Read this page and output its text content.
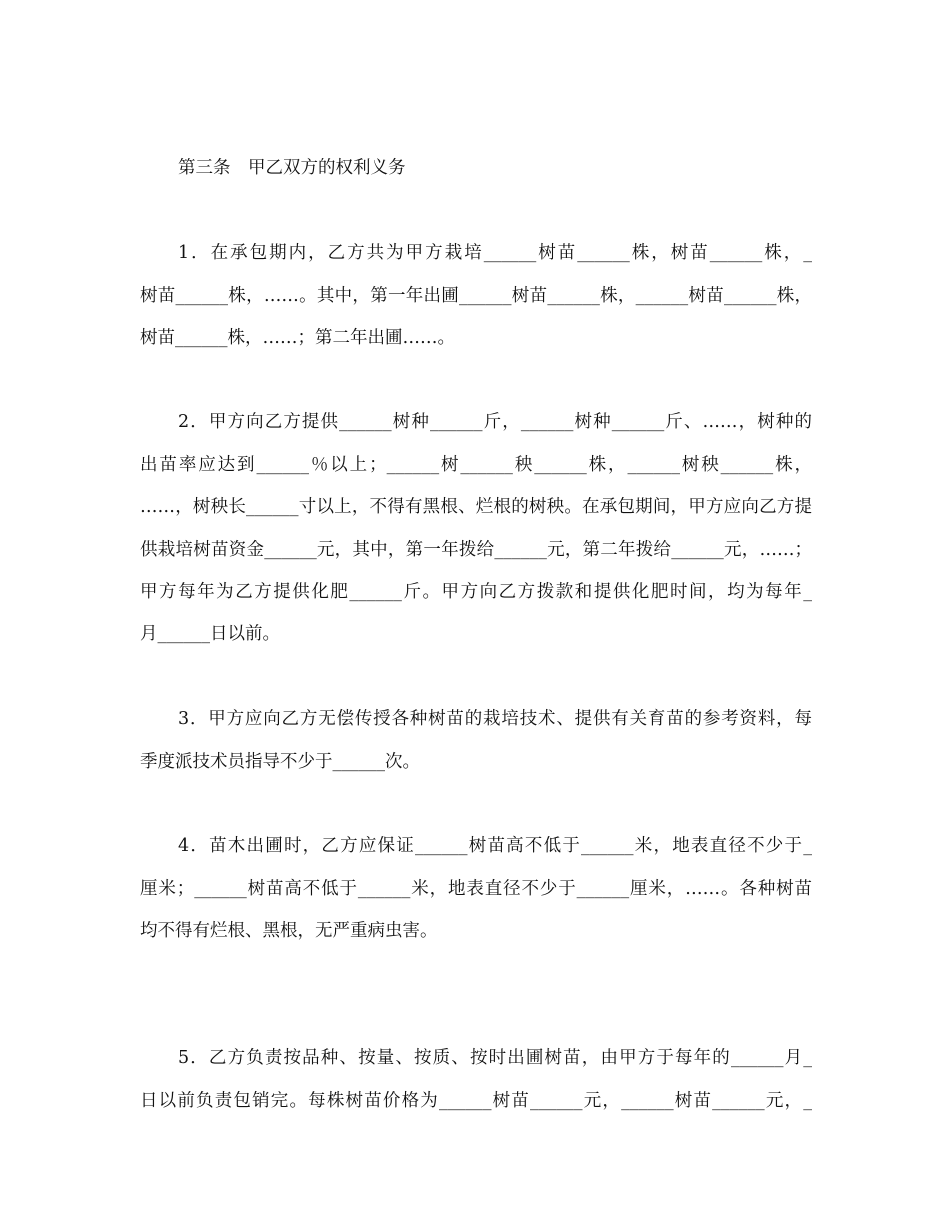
第三条　甲乙双方的权利义务
1．在承包期内，乙方共为甲方栽培______树苗______株，树苗______株，_
树苗______株，……。其中，第一年出圃______树苗______株，______树苗______株，
树苗______株，……；第二年出圃……。
2．甲方向乙方提供______树种______斤，______树种______斤、……，树种的
出苗率应达到______％以上；______树______秧______株，______树秧______株，
……，树秧长______寸以上，不得有黑根、烂根的树秧。在承包期间，甲方应向乙方提
供栽培树苗资金______元，其中，第一年拨给______元，第二年拨给______元，……；
甲方每年为乙方提供化肥______斤。甲方向乙方拨款和提供化肥时间，均为每年_
月______日以前。
3．甲方应向乙方无偿传授各种树苗的栽培技术、提供有关育苗的参考资料，每
季度派技术员指导不少于______次。
4．苗木出圃时，乙方应保证______树苗高不低于______米，地表直径不少于_
厘米；______树苗高不低于______米，地表直径不少于______厘米，……。各种树苗
均不得有烂根、黑根，无严重病虫害。
5．乙方负责按品种、按量、按质、按时出圃树苗，由甲方于每年的______月_
日以前负责包销完。每株树苗价格为______树苗______元，______树苗______元，_
